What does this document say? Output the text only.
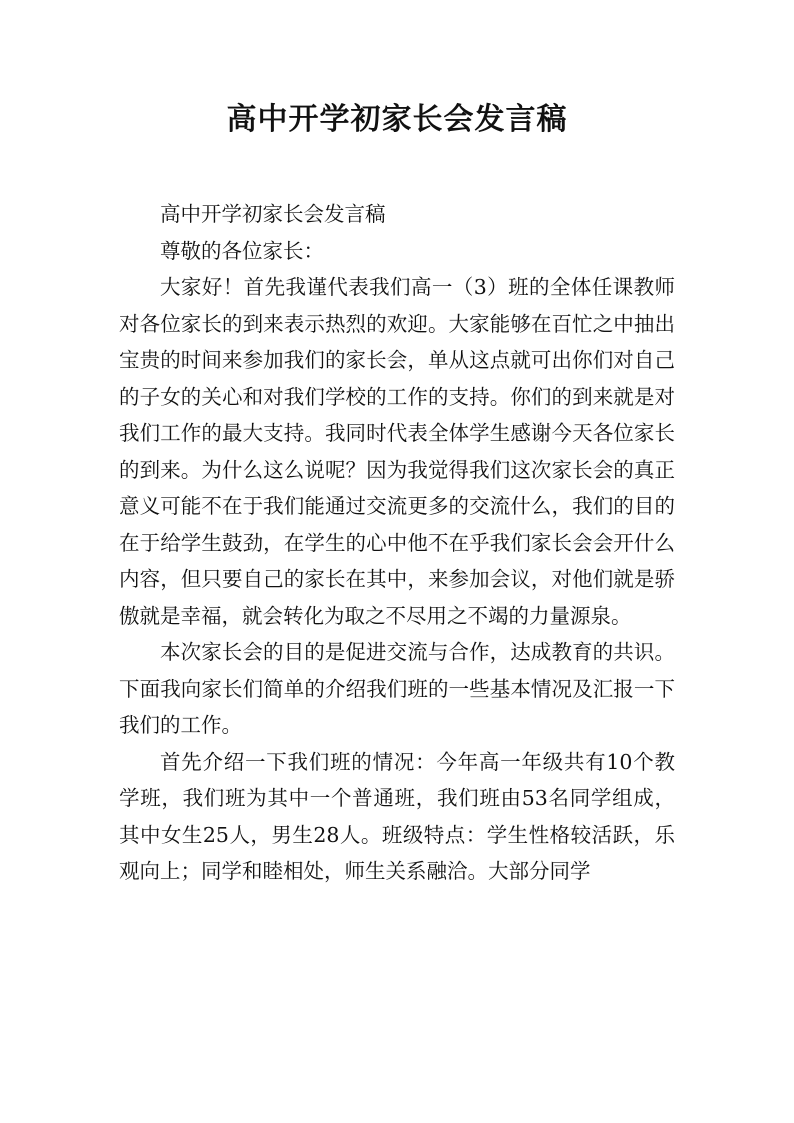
高中开学初家长会发言稿

高中开学初家长会发言稿

尊敬的各位家长：

大家好！首先我谨代表我们高一（3）班的全体任课教师对各位家长的到来表示热烈的欢迎。大家能够在百忙之中抽出宝贵的时间来参加我们的家长会，单从这点就可出你们对自己的子女的关心和对我们学校的工作的支持。你们的到来就是对我们工作的最大支持。我同时代表全体学生感谢今天各位家长的到来。为什么这么说呢？因为我觉得我们这次家长会的真正意义可能不在于我们能通过交流更多的交流什么，我们的目的在于给学生鼓劲，在学生的心中他不在乎我们家长会会开什么内容，但只要自己的家长在其中，来参加会议，对他们就是骄傲就是幸福，就会转化为取之不尽用之不竭的力量源泉。

本次家长会的目的是促进交流与合作，达成教育的共识。下面我向家长们简单的介绍我们班的一些基本情况及汇报一下我们的工作。

首先介绍一下我们班的情况：今年高一年级共有10个教学班，我们班为其中一个普通班，我们班由53名同学组成，其中女生25人，男生28人。班级特点：学生性格较活跃，乐观向上；同学和睦相处，师生关系融洽。大部分同学
